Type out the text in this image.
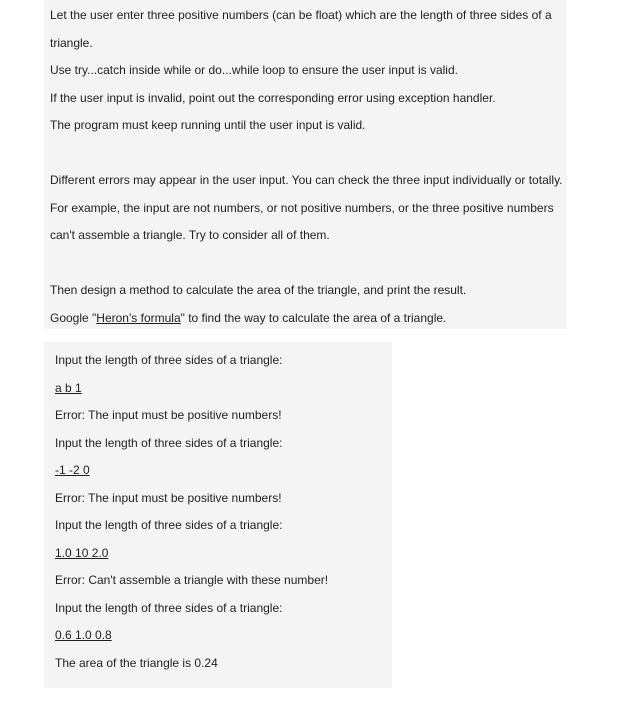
Let the user enter three positive numbers (can be float) which are the length of three sides of a
triangle.
Use try...catch inside while or do...while loop to ensure the user input is valid.
If the user input is invalid, point out the corresponding error using exception handler.
The program must keep running until the user input is valid.
Different errors may appear in the user input. You can check the three input individually or totally.
For example, the input are not numbers, or not positive numbers, or the three positive numbers
can't assemble a triangle. Try to consider all of them.
Then design a method to calculate the area of the triangle, and print the result.
Google "Heron's formula" to find the way to calculate the area of a triangle.
Input the length of three sides of a triangle:
a b 1
Error: The input must be positive numbers!
Input the length of three sides of a triangle:
-1 -2 0
Error: The input must be positive numbers!
Input the length of three sides of a triangle:
1.0 10 2.0
Error: Can't assemble a triangle with these number!
Input the length of three sides of a triangle:
0.6 1.0 0.8
The area of the triangle is 0.24
